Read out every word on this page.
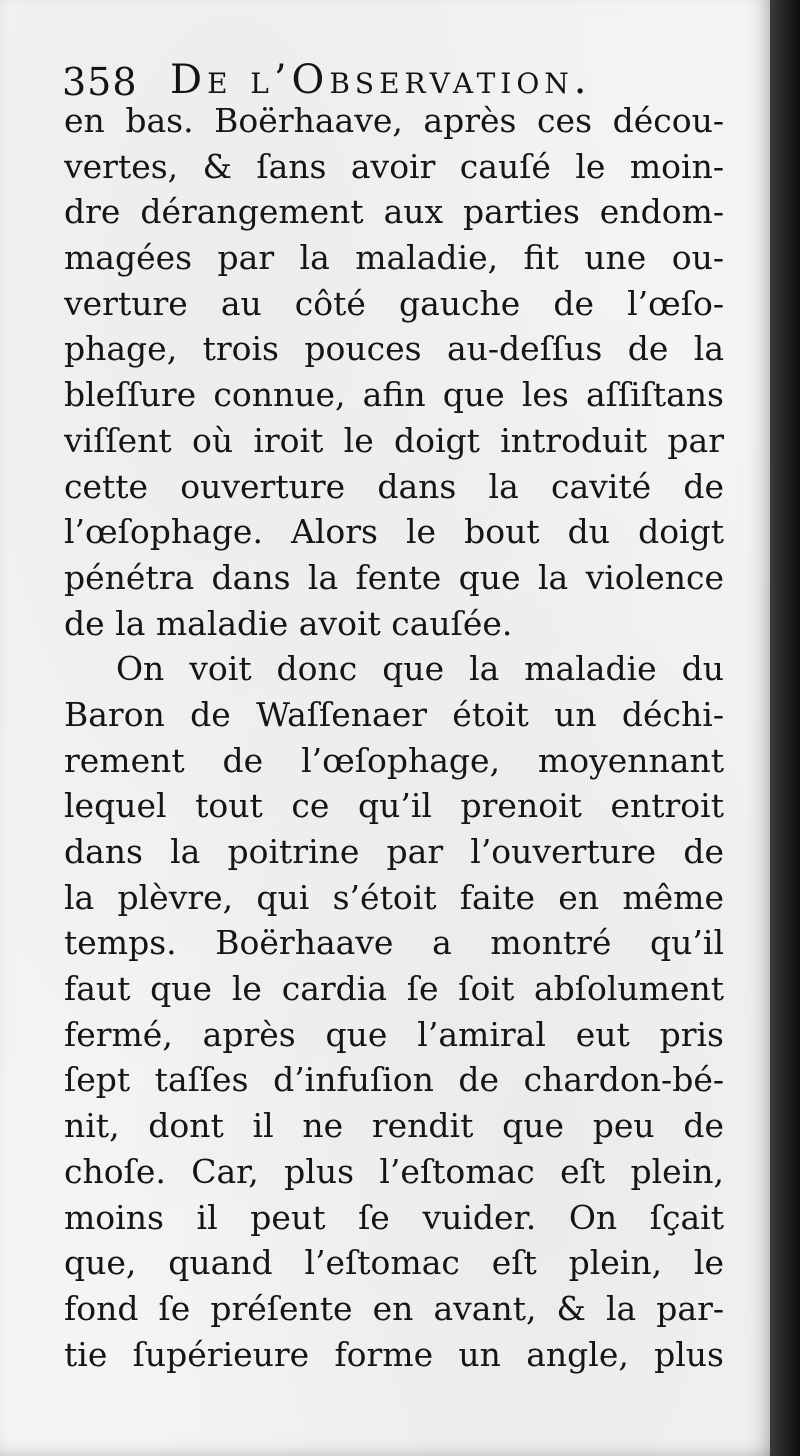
358 De l’Observation.
en bas. Boërhaave, après ces décou-
vertes, & ſans avoir cauſé le moin-
dre dérangement aux parties endom-
magées par la maladie, fit une ou-
verture au côté gauche de l’œſo-
phage, trois pouces au-deſſus de la
bleſſure connue, afin que les aſſiſtans
viſſent où iroit le doigt introduit par
cette ouverture dans la cavité de
l’œſophage. Alors le bout du doigt
pénétra dans la fente que la violence
de la maladie avoit cauſée.
On voit donc que la maladie du
Baron de Waſſenaer étoit un déchi-
rement de l’œſophage, moyennant
lequel tout ce qu’il prenoit entroit
dans la poitrine par l’ouverture de
la plèvre, qui s’étoit faite en même
temps. Boërhaave a montré qu’il
faut que le cardia ſe ſoit abſolument
fermé, après que l’amiral eut pris
ſept taſſes d’infuſion de chardon-bé-
nit, dont il ne rendit que peu de
choſe. Car, plus l’eſtomac eſt plein,
moins il peut ſe vuider. On ſçait
que, quand l’eſtomac eſt plein, le
fond ſe préſente en avant, & la par-
tie ſupérieure forme un angle, plus
